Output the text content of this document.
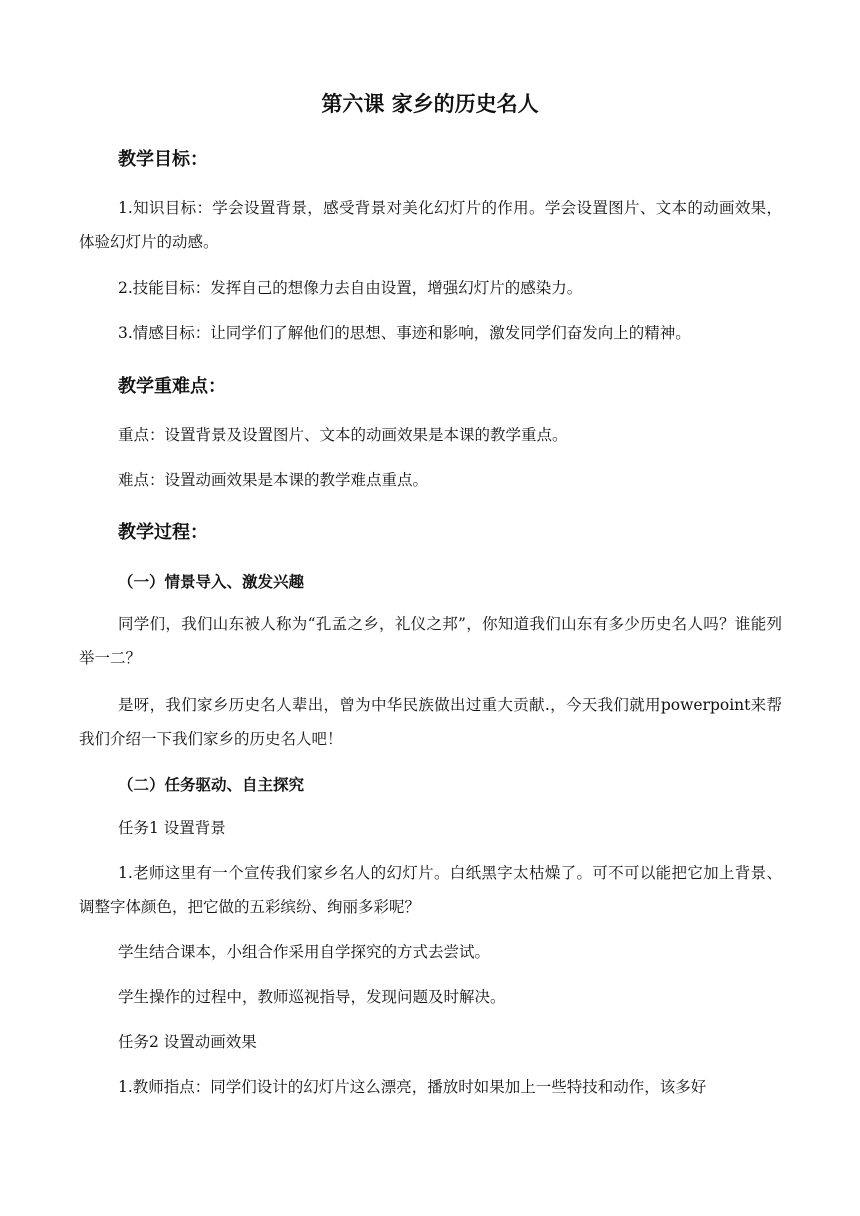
第六课 家乡的历史名人
教学目标：

1.知识目标：学会设置背景，感受背景对美化幻灯片的作用。学会设置图片、文本的动画效果，体验幻灯片的动感。

2.技能目标：发挥自己的想像力去自由设置，增强幻灯片的感染力。

3.情感目标：让同学们了解他们的思想、事迹和影响，激发同学们奋发向上的精神。

教学重难点：

重点：设置背景及设置图片、文本的动画效果是本课的教学重点。

难点：设置动画效果是本课的教学难点重点。

教学过程：
（一）情景导入、激发兴趣

同学们，我们山东被人称为“孔孟之乡，礼仪之邦”，你知道我们山东有多少历史名人吗？谁能列举一二？

是呀，我们家乡历史名人辈出，曾为中华民族做出过重大贡献.，今天我们就用powerpoint来帮我们介绍一下我们家乡的历史名人吧！

（二）任务驱动、自主探究

任务1 设置背景

1.老师这里有一个宣传我们家乡名人的幻灯片。白纸黑字太枯燥了。可不可以能把它加上背景、调整字体颜色，把它做的五彩缤纷、绚丽多彩呢？

学生结合课本，小组合作采用自学探究的方式去尝试。

学生操作的过程中，教师巡视指导，发现问题及时解决。

任务2 设置动画效果

1.教师指点：同学们设计的幻灯片这么漂亮，播放时如果加上一些特技和动作，该多好
